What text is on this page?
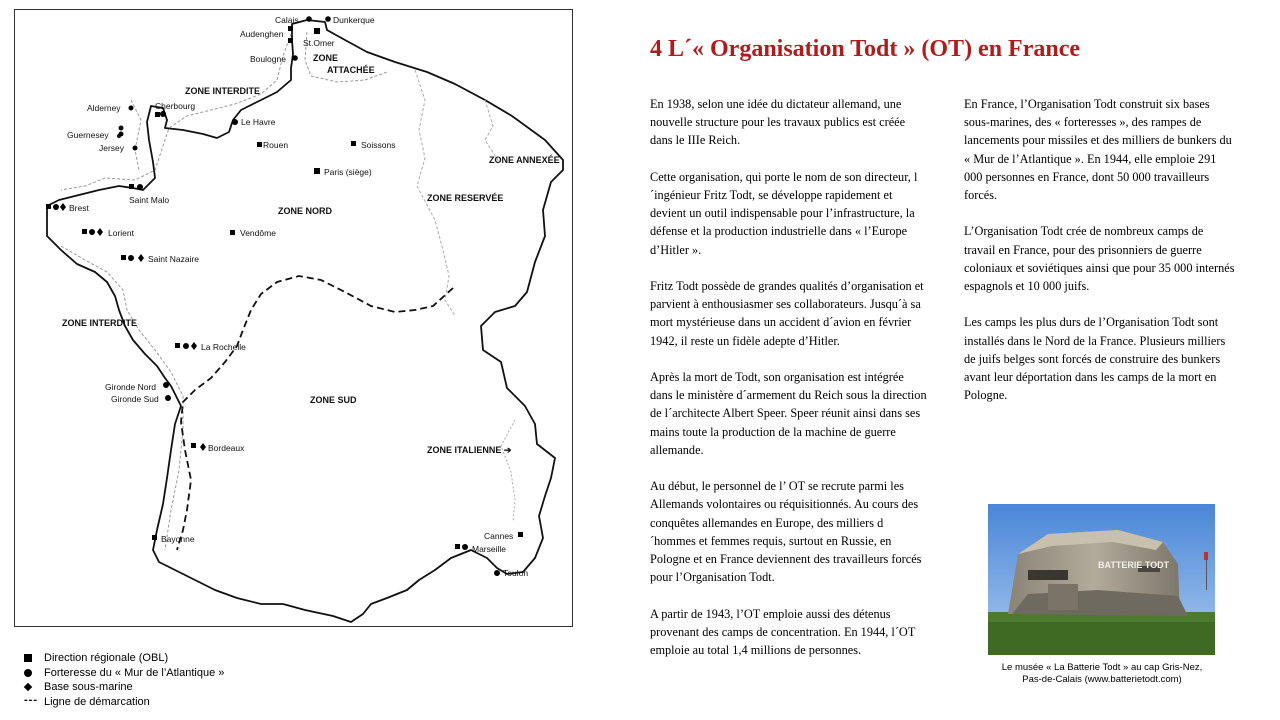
ZONE INTERDITE
ZONE
ATTACHÉE
ZONE ANNEXÉE
ZONE RESERVÉE
ZONE NORD
ZONE INTERDITE
ZONE SUD
ZONE ITALIENNE ➔
Calais	Dunkerque
Audenghen
St.Omer
Boulogne
Alderney	Cherbourg
Guernesey
Jersey
Le Havre
Rouen	Soissons
Paris (siège)
Saint Malo
Brest
Lorient	Vendôme
Saint Nazaire
La Rochelle
Gironde Nord
Gironde Sud
Bordeaux
Bayonne	Cannes
Marseille
Toulon
Direction régionale (OBL)
Forteresse du « Mur de l’Atlantique »
Base sous-marine
--- Ligne de démarcation
4 L´« Organisation Todt » (OT) en France

En 1938, selon une idée du dictateur allemand, une nouvelle structure pour les travaux publics est créée dans le IIIe Reich.

Cette organisation, qui porte le nom de son directeur, l´ingénieur Fritz Todt, se développe rapidement et devient un outil indispensable pour l’infrastructure, la défense et la production industrielle dans « l’Europe d’Hitler ».

Fritz Todt possède de grandes qualités d’organisation et parvient à enthousiasmer ses collaborateurs. Jusqu´à sa mort mystérieuse dans un accident d´avion en février 1942, il reste un fidèle adepte d’Hitler.

Après la mort de Todt, son organisation est intégrée dans le ministère d´armement du Reich sous la direction de l´architecte Albert Speer. Speer réunit ainsi dans ses mains toute la production de la machine de guerre allemande.

Au début, le personnel de l’ OT se recrute parmi les Allemands volontaires ou réquisitionnés. Au cours des conquêtes allemandes en Europe, des milliers d´hommes et femmes requis, surtout en Russie, en Pologne et en France deviennent des travailleurs forcés pour l’Organisation Todt.

A partir de 1943, l’OT emploie aussi des détenus provenant des camps de concentration. En 1944, l´OT emploie au total 1,4 millions de personnes.

En France, l’Organisation Todt construit six bases sous-marines, des « forteresses », des rampes de lancements pour missiles et des milliers de bunkers du « Mur de l’Atlantique ». En 1944, elle emploie 291 000 personnes en France, dont 50 000 travailleurs forcés.

L’Organisation Todt crée de nombreux camps de travail en France, pour des prisonniers de guerre coloniaux et soviétiques ainsi que pour 35 000 internés espagnols et 10 000 juifs.

Les camps les plus durs de l’Organisation Todt sont installés dans le Nord de la France. Plusieurs milliers de juifs belges sont forcés de construire des bunkers avant leur déportation dans les camps de la mort en Pologne.

BATTERIE TODT
Le musée « La Batterie Todt » au cap Gris-Nez,
Pas-de-Calais (www.batterietodt.com)
